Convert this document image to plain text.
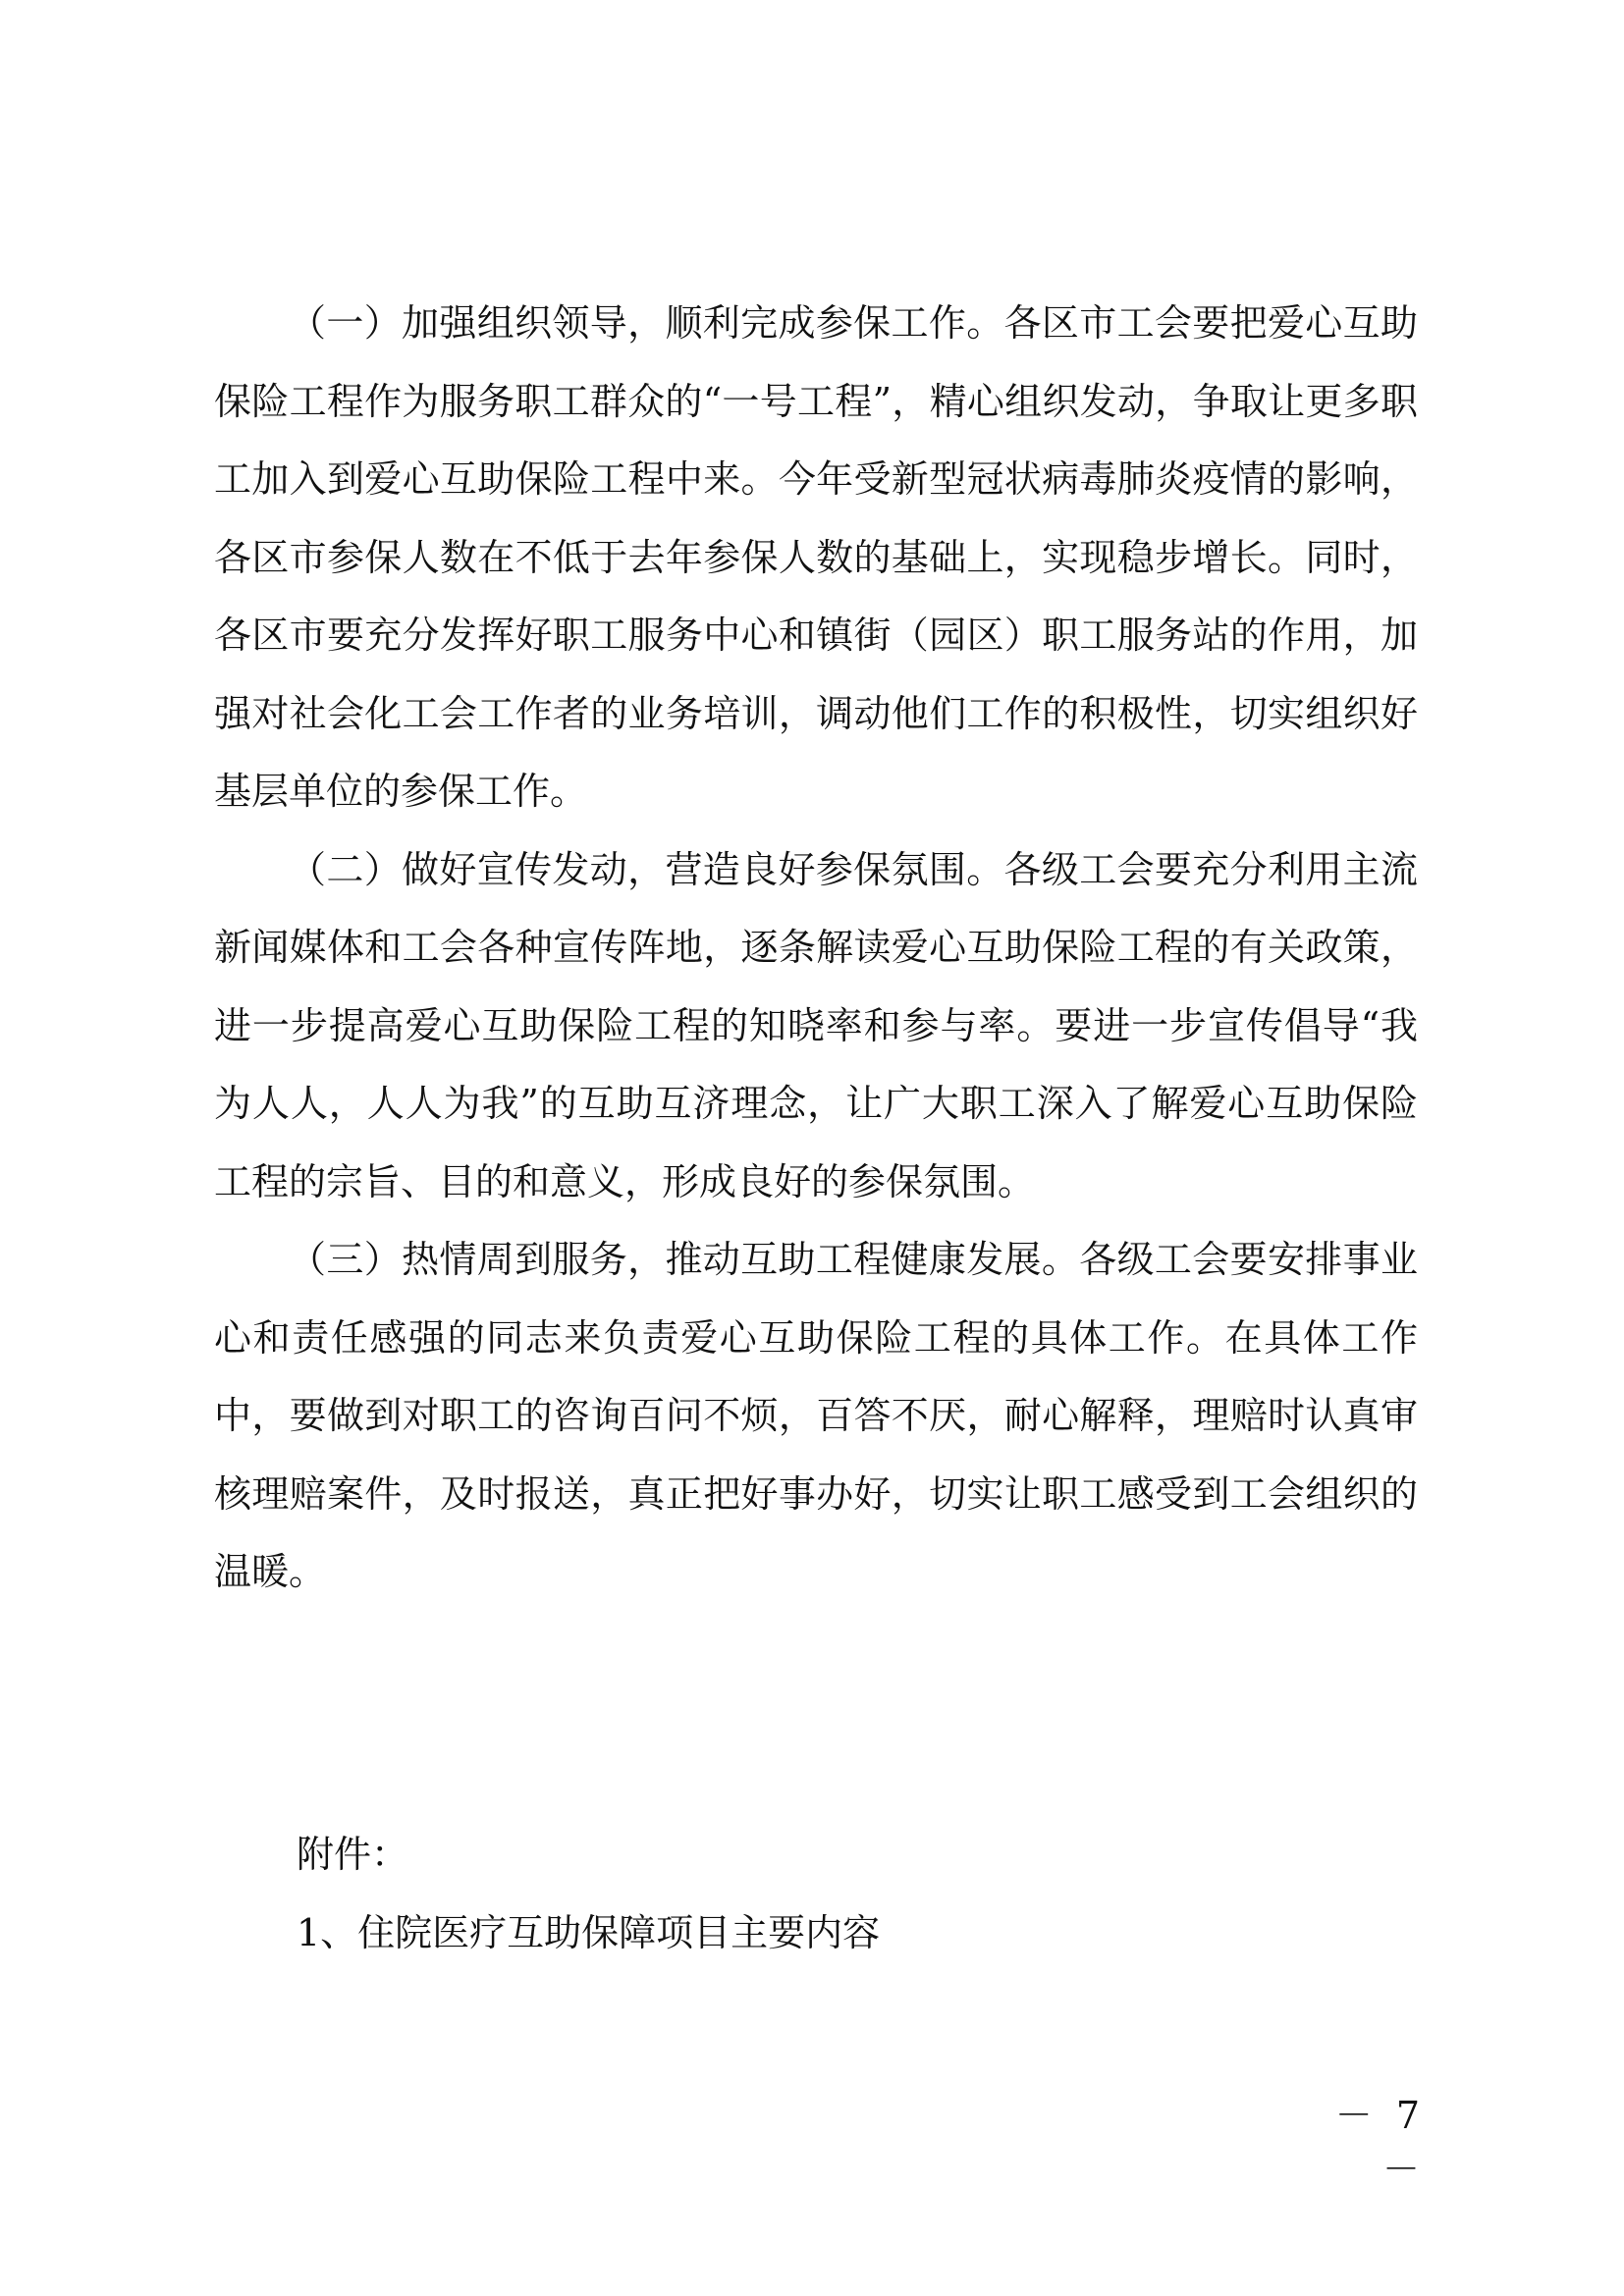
（一）加强组织领导，顺利完成参保工作。各区市工会要把爱心互助保险工程作为服务职工群众的“一号工程”，精心组织发动，争取让更多职工加入到爱心互助保险工程中来。今年受新型冠状病毒肺炎疫情的影响，各区市参保人数在不低于去年参保人数的基础上，实现稳步增长。同时，各区市要充分发挥好职工服务中心和镇街（园区）职工服务站的作用，加强对社会化工会工作者的业务培训，调动他们工作的积极性，切实组织好基层单位的参保工作。

（二）做好宣传发动，营造良好参保氛围。各级工会要充分利用主流新闻媒体和工会各种宣传阵地，逐条解读爱心互助保险工程的有关政策，进一步提高爱心互助保险工程的知晓率和参与率。要进一步宣传倡导“我为人人，人人为我”的互助互济理念，让广大职工深入了解爱心互助保险工程的宗旨、目的和意义，形成良好的参保氛围。

（三）热情周到服务，推动互助工程健康发展。各级工会要安排事业心和责任感强的同志来负责爱心互助保险工程的具体工作。在具体工作中，要做到对职工的咨询百问不烦，百答不厌，耐心解释，理赔时认真审核理赔案件，及时报送，真正把好事办好，切实让职工感受到工会组织的温暖。

附件：

1、住院医疗互助保障项目主要内容

－ 7 －
